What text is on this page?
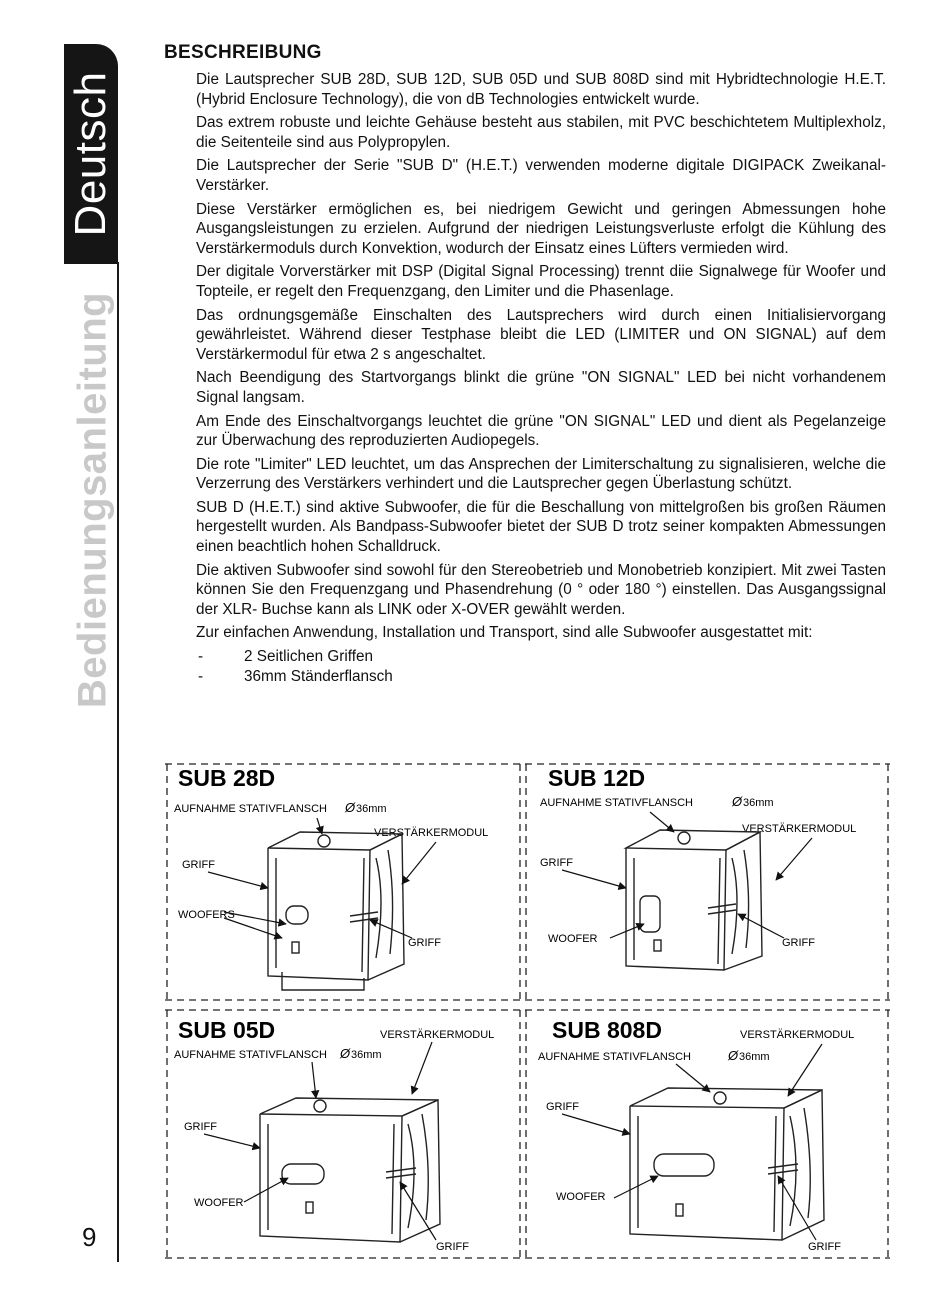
Deutsch
Bedienungsanleitung
9
BESCHREIBUNG

Die Lautsprecher SUB 28D, SUB 12D, SUB 05D und SUB 808D sind mit Hybridtechnologie H.E.T. (Hybrid Enclosure Technology), die von dB Technologies entwickelt wurde.

Das extrem robuste und leichte Gehäuse besteht aus stabilen, mit PVC beschichtetem Multiplexholz, die Seitenteile sind aus Polypropylen.

Die Lautsprecher der Serie "SUB D" (H.E.T.) verwenden moderne digitale DIGIPACK Zweikanal-Verstärker.

Diese Verstärker ermöglichen es, bei niedrigem Gewicht und geringen Abmessungen hohe Ausgangsleistungen zu erzielen. Aufgrund der niedrigen Leistungsverluste erfolgt die Kühlung des Verstärkermoduls durch Konvektion, wodurch der Einsatz eines Lüfters vermieden wird.

Der digitale Vorverstärker mit DSP (Digital Signal Processing) trennt diie Signalwege für Woofer und Topteile, er regelt den Frequenzgang, den Limiter und die Phasenlage.

Das ordnungsgemäße Einschalten des Lautsprechers wird durch einen Initialisiervorgang gewährleistet. Während dieser Testphase bleibt die LED (LIMITER und ON SIGNAL) auf dem Verstärkermodul für etwa 2 s angeschaltet.

Nach Beendigung des Startvorgangs blinkt die grüne "ON SIGNAL" LED bei nicht vorhandenem Signal langsam.

Am Ende des Einschaltvorgangs leuchtet die grüne "ON SIGNAL" LED und dient als Pegelanzeige zur Überwachung des reproduzierten Audiopegels.

Die rote "Limiter" LED leuchtet, um das Ansprechen der Limiterschaltung zu signalisieren, welche die Verzerrung des Verstärkers verhindert und die Lautsprecher gegen Überlastung schützt.

SUB D (H.E.T.) sind aktive Subwoofer, die für die Beschallung von mittelgroßen bis großen Räumen hergestellt wurden. Als Bandpass-Subwoofer bietet der SUB D trotz seiner kompakten Abmessungen einen beachtlich hohen Schalldruck.

Die aktiven Subwoofer sind sowohl für den Stereobetrieb und Monobetrieb konzipiert. Mit zwei Tasten können Sie den Frequenzgang und Phasendrehung (0 ° oder 180 °) einstellen. Das Ausgangssignal der XLR- Buchse kann als LINK oder X-OVER gewählt werden.

Zur einfachen Anwendung, Installation und Transport, sind alle Subwoofer ausgestattet mit:

-	2 Seitlichen Griffen
-	36mm Ständerflansch
SUB 28D
AUFNAHME STATIVFLANSCH Ø 36mm
VERSTÄRKERMODUL
GRIFF
WOOFERS
GRIFF
SUB 12D
AUFNAHME STATIVFLANSCH	Ø 36mm
VERSTÄRKERMODUL
GRIFF
WOOFER	GRIFF
SUB 05D	VERSTÄRKERMODUL
AUFNAHME STATIVFLANSCH Ø 36mm
GRIFF
WOOFER
GRIFF
SUB 808D	VERSTÄRKERMODUL
AUFNAHME STATIVFLANSCH	Ø 36mm
GRIFF
WOOFER
GRIFF
